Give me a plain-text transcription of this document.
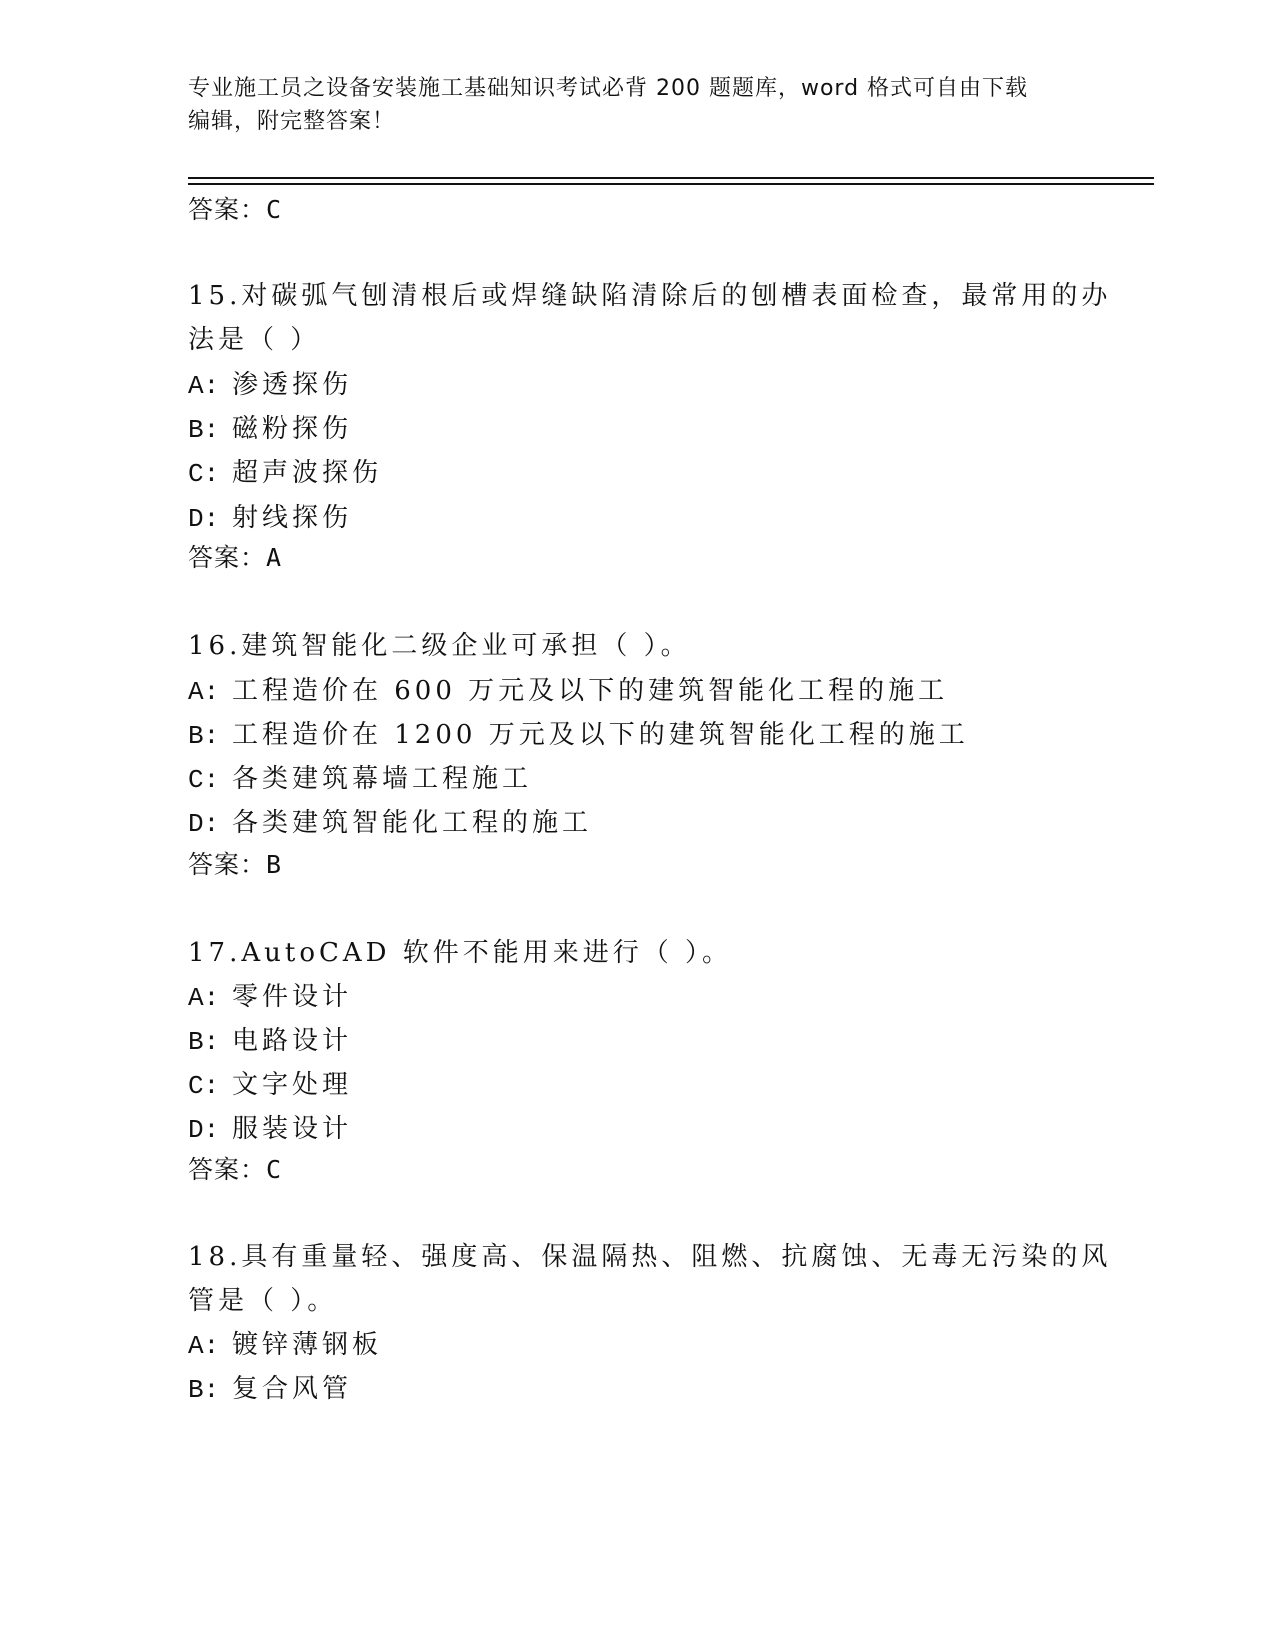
专业施工员之设备安装施工基础知识考试必背 200 题题库，word 格式可自由下载
编辑，附完整答案！
答案：C
15.对碳弧气刨清根后或焊缝缺陷清除后的刨槽表面检查，最常用的办
法是（ ）
A: 渗透探伤
B: 磁粉探伤
C: 超声波探伤
D: 射线探伤
答案：A
16.建筑智能化二级企业可承担（ ）。
A: 工程造价在 600 万元及以下的建筑智能化工程的施工
B: 工程造价在 1200 万元及以下的建筑智能化工程的施工
C: 各类建筑幕墙工程施工
D: 各类建筑智能化工程的施工
答案：B
17.AutoCAD 软件不能用来进行（ ）。
A: 零件设计
B: 电路设计
C: 文字处理
D: 服装设计
答案：C
18.具有重量轻、强度高、保温隔热、阻燃、抗腐蚀、无毒无污染的风
管是（ ）。
A: 镀锌薄钢板
B: 复合风管
